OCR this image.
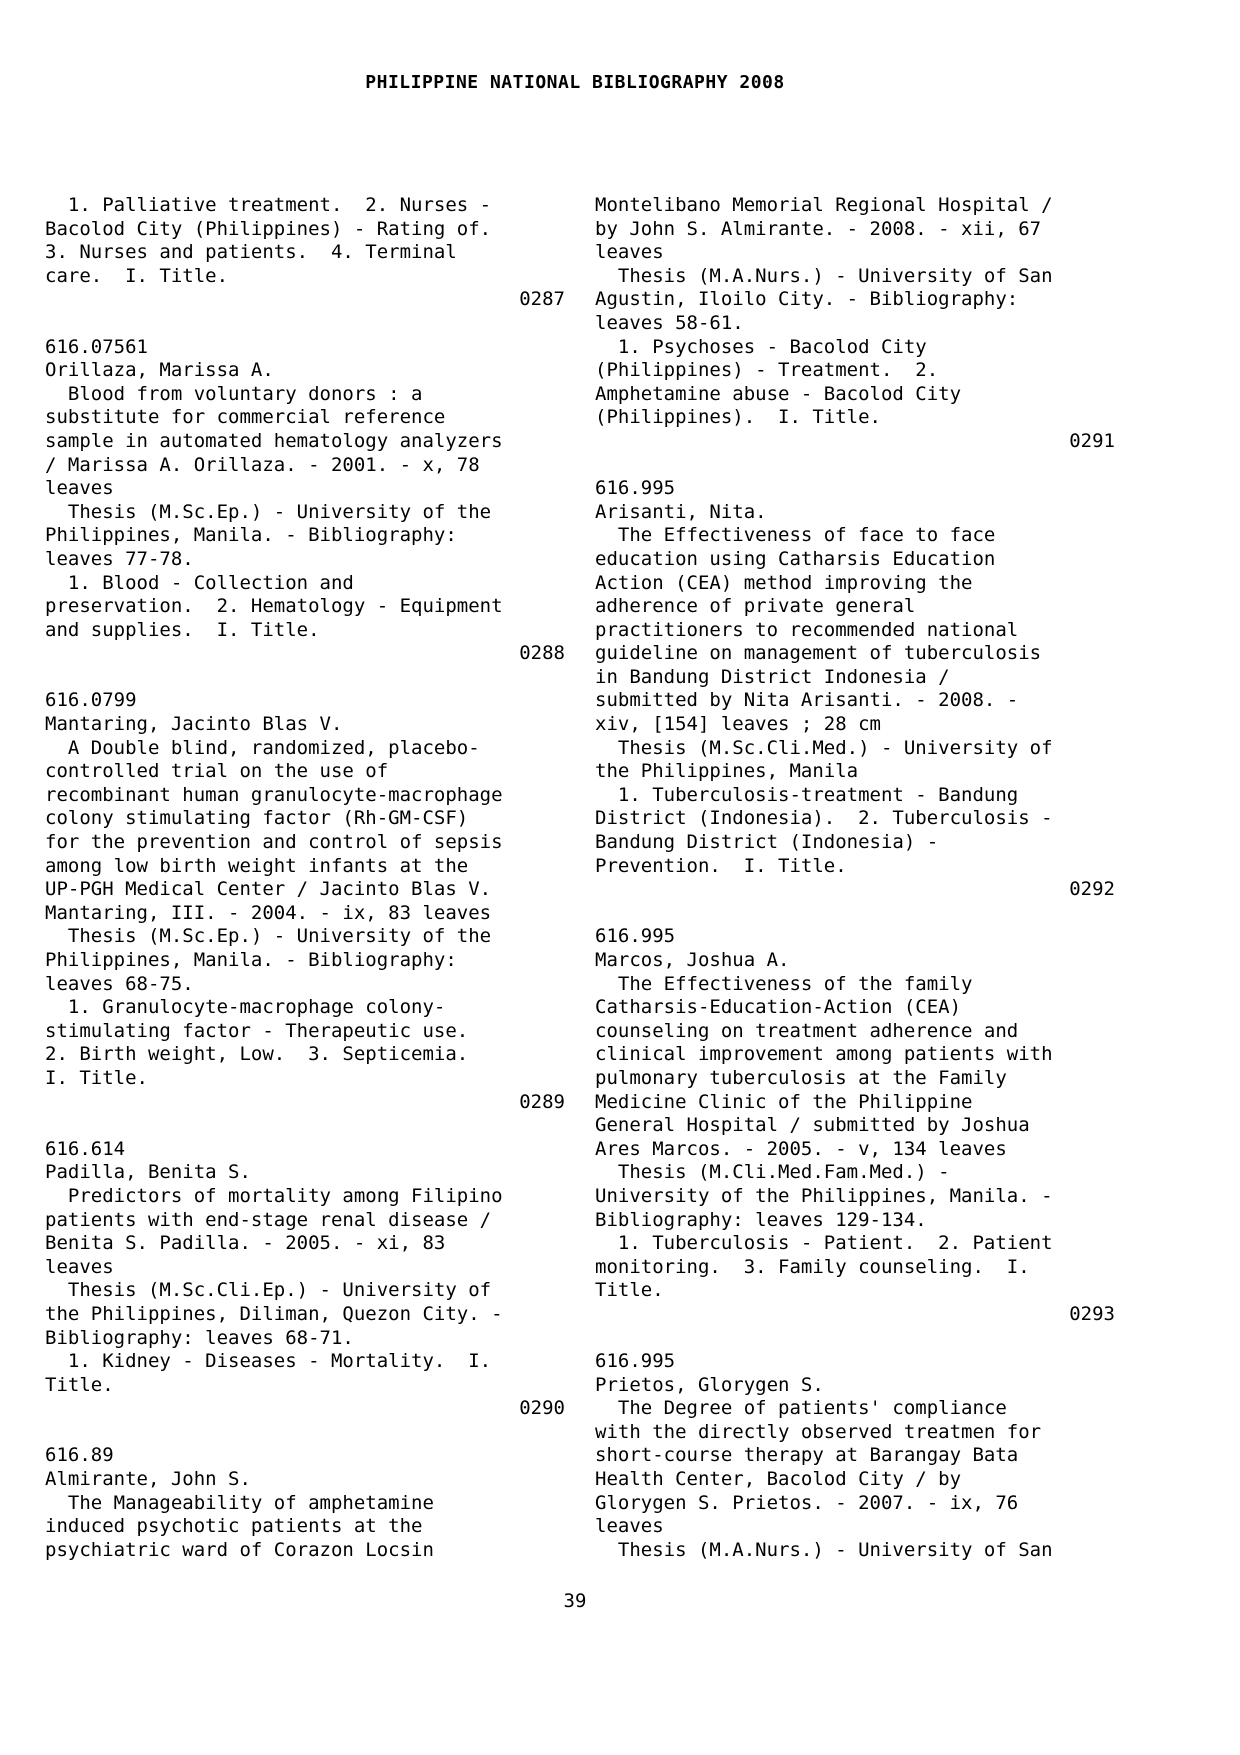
PHILIPPINE NATIONAL BIBLIOGRAPHY 2008
1. Palliative treatment.  2. Nurses -
Bacolod City (Philippines) - Rating of.
3. Nurses and patients.  4. Terminal
care.  I. Title.
0287
616.07561
Orillaza, Marissa A.
Blood from voluntary donors : a
substitute for commercial reference
sample in automated hematology analyzers
/ Marissa A. Orillaza. - 2001. - x, 78
leaves
Thesis (M.Sc.Ep.) - University of the
Philippines, Manila. - Bibliography:
leaves 77-78.
1. Blood - Collection and
preservation.  2. Hematology - Equipment
and supplies.  I. Title.
0288
616.0799
Mantaring, Jacinto Blas V.
A Double blind, randomized, placebo-
controlled trial on the use of
recombinant human granulocyte-macrophage
colony stimulating factor (Rh-GM-CSF)
for the prevention and control of sepsis
among low birth weight infants at the
UP-PGH Medical Center / Jacinto Blas V.
Mantaring, III. - 2004. - ix, 83 leaves
Thesis (M.Sc.Ep.) - University of the
Philippines, Manila. - Bibliography:
leaves 68-75.
1. Granulocyte-macrophage colony-
stimulating factor - Therapeutic use.
2. Birth weight, Low.  3. Septicemia.
I. Title.
0289
616.614
Padilla, Benita S.
Predictors of mortality among Filipino
patients with end-stage renal disease /
Benita S. Padilla. - 2005. - xi, 83
leaves
Thesis (M.Sc.Cli.Ep.) - University of
the Philippines, Diliman, Quezon City. -
Bibliography: leaves 68-71.
1. Kidney - Diseases - Mortality.  I.
Title.
0290
616.89
Almirante, John S.
The Manageability of amphetamine
induced psychotic patients at the
psychiatric ward of Corazon Locsin
Montelibano Memorial Regional Hospital /
by John S. Almirante. - 2008. - xii, 67
leaves
Thesis (M.A.Nurs.) - University of San
Agustin, Iloilo City. - Bibliography:
leaves 58-61.
1. Psychoses - Bacolod City
(Philippines) - Treatment.  2.
Amphetamine abuse - Bacolod City
(Philippines).  I. Title.
0291
616.995
Arisanti, Nita.
The Effectiveness of face to face
education using Catharsis Education
Action (CEA) method improving the
adherence of private general
practitioners to recommended national
guideline on management of tuberculosis
in Bandung District Indonesia /
submitted by Nita Arisanti. - 2008. -
xiv, [154] leaves ; 28 cm
Thesis (M.Sc.Cli.Med.) - University of
the Philippines, Manila
1. Tuberculosis-treatment - Bandung
District (Indonesia).  2. Tuberculosis -
Bandung District (Indonesia) -
Prevention.  I. Title.
0292
616.995
Marcos, Joshua A.
The Effectiveness of the family
Catharsis-Education-Action (CEA)
counseling on treatment adherence and
clinical improvement among patients with
pulmonary tuberculosis at the Family
Medicine Clinic of the Philippine
General Hospital / submitted by Joshua
Ares Marcos. - 2005. - v, 134 leaves
Thesis (M.Cli.Med.Fam.Med.) -
University of the Philippines, Manila. -
Bibliography: leaves 129-134.
1. Tuberculosis - Patient.  2. Patient
monitoring.  3. Family counseling.  I.
Title.
0293
616.995
Prietos, Glorygen S.
The Degree of patients' compliance
with the directly observed treatmen for
short-course therapy at Barangay Bata
Health Center, Bacolod City / by
Glorygen S. Prietos. - 2007. - ix, 76
leaves
Thesis (M.A.Nurs.) - University of San
39
